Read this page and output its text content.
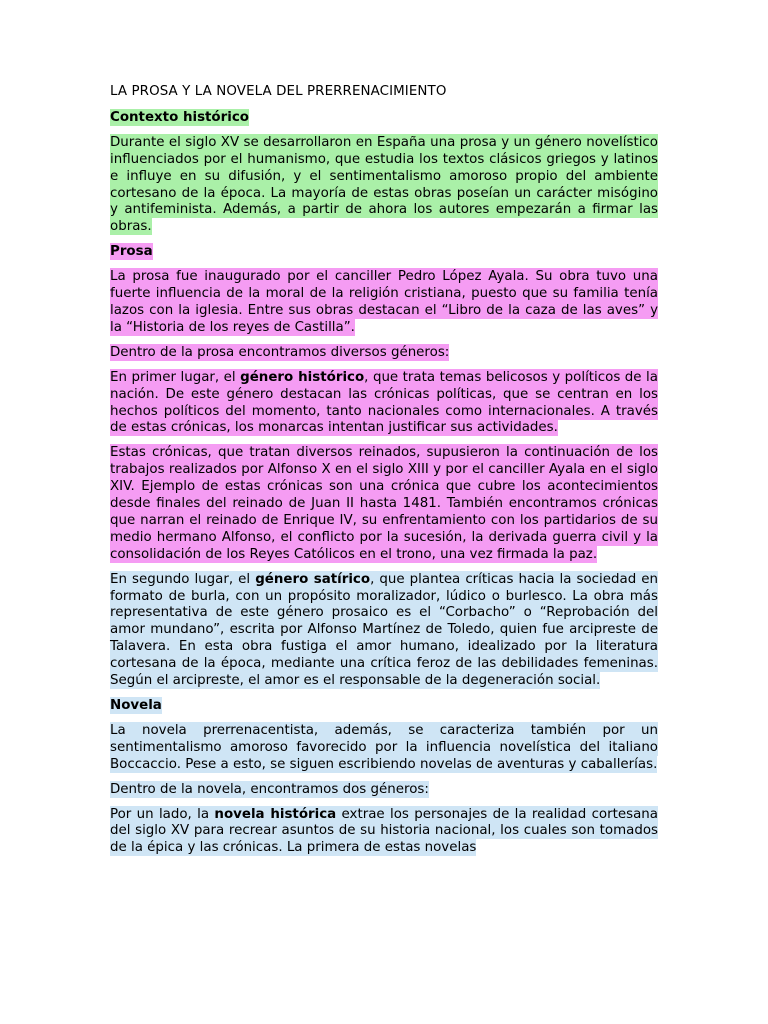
LA PROSA Y LA NOVELA DEL PRERRENACIMIENTO
Contexto histórico
Durante el siglo XV se desarrollaron en España una prosa y un género novelístico influenciados por el humanismo, que estudia los textos clásicos griegos y latinos e influye en su difusión, y el sentimentalismo amoroso propio del ambiente cortesano de la época. La mayoría de estas obras poseían un carácter misógino y antifeminista. Además, a partir de ahora los autores empezarán a firmar las obras.
Prosa
La prosa fue inaugurado por el canciller Pedro López Ayala. Su obra tuvo una fuerte influencia de la moral de la religión cristiana, puesto que su familia tenía lazos con la iglesia. Entre sus obras destacan el “Libro de la caza de las aves” y la “Historia de los reyes de Castilla”.
Dentro de la prosa encontramos diversos géneros:
En primer lugar, el género histórico, que trata temas belicosos y políticos de la nación. De este género destacan las crónicas políticas, que se centran en los hechos políticos del momento, tanto nacionales como internacionales. A través de estas crónicas, los monarcas intentan justificar sus actividades.
Estas crónicas, que tratan diversos reinados, supusieron la continuación de los trabajos realizados por Alfonso X en el siglo XIII y por el canciller Ayala en el siglo XIV. Ejemplo de estas crónicas son una crónica que cubre los acontecimientos desde finales del reinado de Juan II hasta 1481. También encontramos crónicas que narran el reinado de Enrique IV, su enfrentamiento con los partidarios de su medio hermano Alfonso, el conflicto por la sucesión, la derivada guerra civil y la consolidación de los Reyes Católicos en el trono, una vez firmada la paz.
En segundo lugar, el género satírico, que plantea críticas hacia la sociedad en formato de burla, con un propósito moralizador, lúdico o burlesco. La obra más representativa de este género prosaico es el “Corbacho” o “Reprobación del amor mundano”, escrita por Alfonso Martínez de Toledo, quien fue arcipreste de Talavera. En esta obra fustiga el amor humano, idealizado por la literatura cortesana de la época, mediante una crítica feroz de las debilidades femeninas. Según el arcipreste, el amor es el responsable de la degeneración social.
Novela
La novela prerrenacentista, además, se caracteriza también por un sentimentalismo amoroso favorecido por la influencia novelística del italiano Boccaccio. Pese a esto, se siguen escribiendo novelas de aventuras y caballerías.
Dentro de la novela, encontramos dos géneros:
Por un lado, la novela histórica extrae los personajes de la realidad cortesana del siglo XV para recrear asuntos de su historia nacional, los cuales son tomados de la épica y las crónicas. La primera de estas novelas
